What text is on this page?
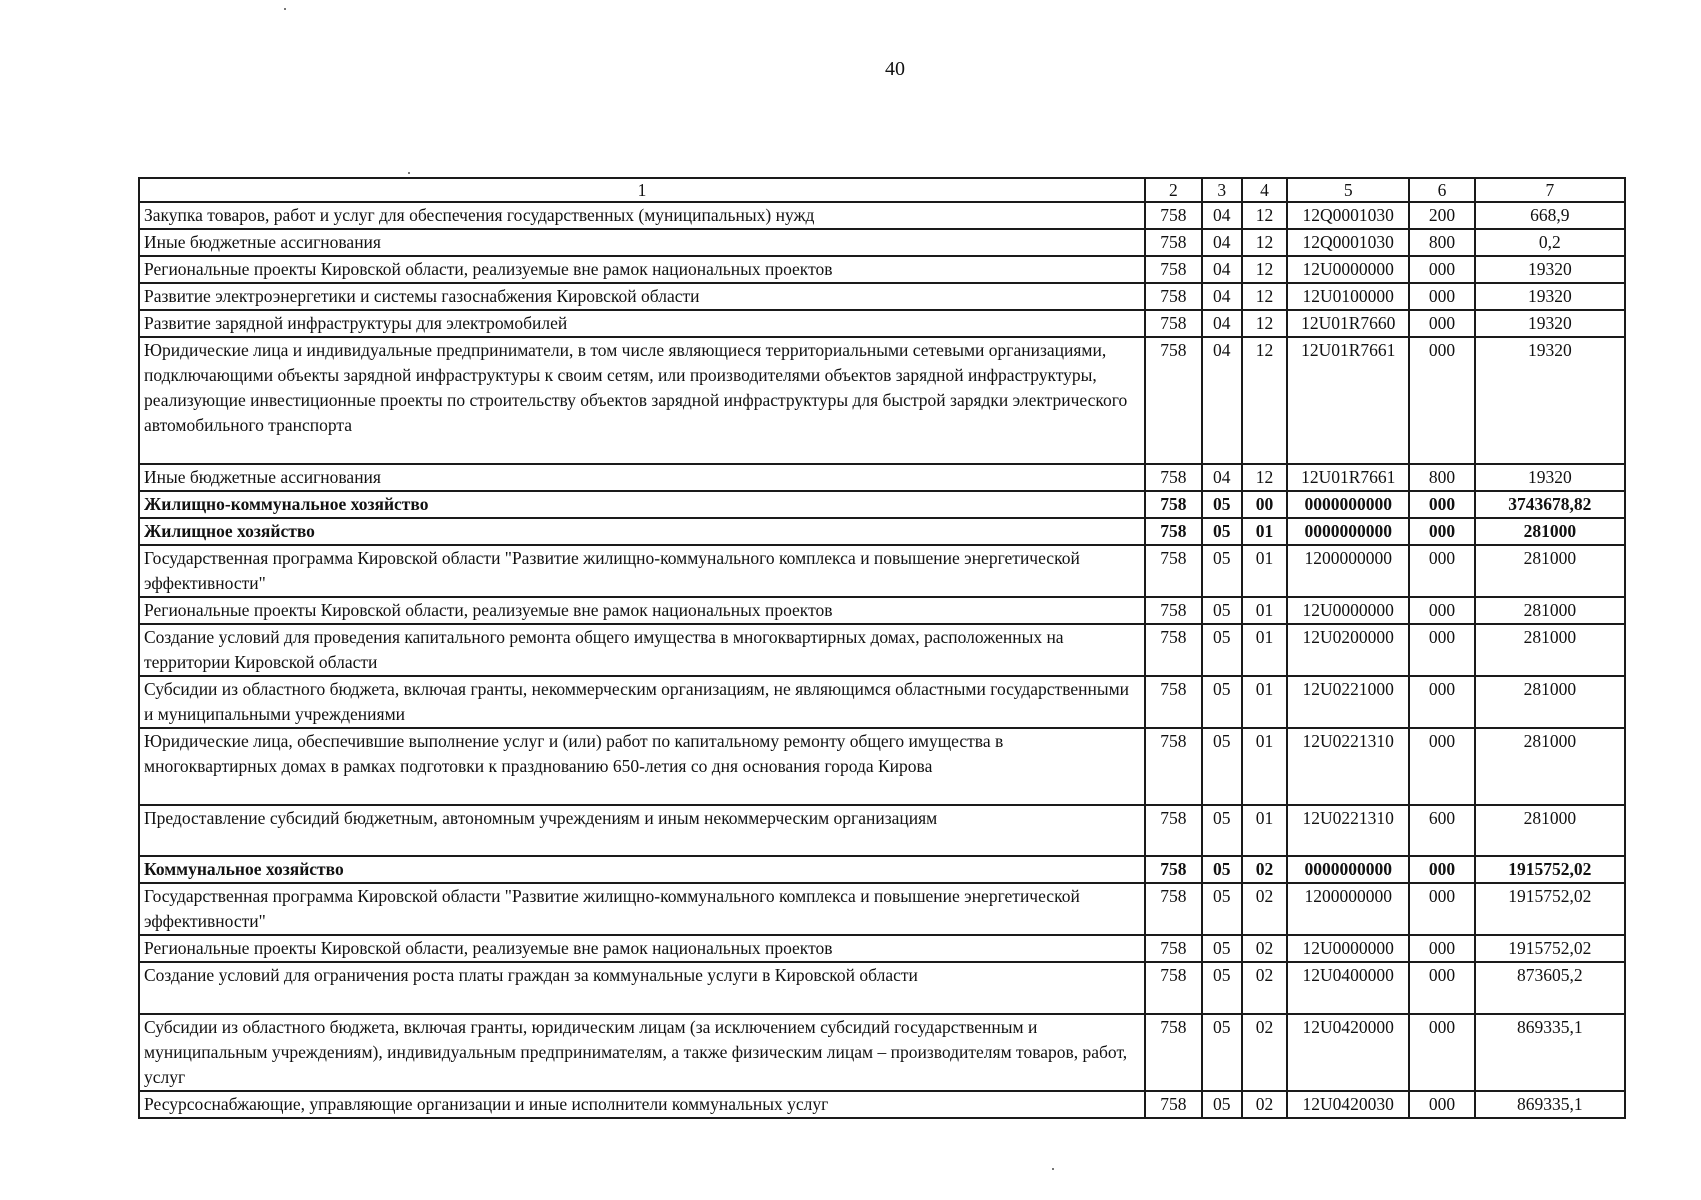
40
1	2	3	4	5	6	7
Закупка товаров, работ и услуг для обеспечения государственных (муниципальных) нужд	758	04	12	12Q0001030	200	668,9
Иные бюджетные ассигнования	758	04	12	12Q0001030	800	0,2
Региональные проекты Кировской области, реализуемые вне рамок национальных проектов	758	04	12	12U0000000	000	19320
Развитие электроэнергетики и системы газоснабжения Кировской области	758	04	12	12U0100000	000	19320
Развитие зарядной инфраструктуры для электромобилей	758	04	12	12U01R7660	000	19320
Юридические лица и индивидуальные предприниматели, в том числе являющиеся территориальными сетевыми организациями, подключающими объекты зарядной инфраструктуры к своим сетям, или производителями объектов зарядной инфраструктуры, реализующие инвестиционные проекты по строительству объектов зарядной инфраструктуры для быстрой зарядки электрического автомобильного транспорта	758	04	12	12U01R7661	000	19320
Иные бюджетные ассигнования	758	04	12	12U01R7661	800	19320
Жилищно-коммунальное хозяйство	758	05	00	0000000000	000	3743678,82
Жилищное хозяйство	758	05	01	0000000000	000	281000
Государственная программа Кировской области "Развитие жилищно-коммунального комплекса и повышение энергетической эффективности"	758	05	01	1200000000	000	281000
Региональные проекты Кировской области, реализуемые вне рамок национальных проектов	758	05	01	12U0000000	000	281000
Создание условий для проведения капитального ремонта общего имущества в многоквартирных домах, расположенных на территории Кировской области	758	05	01	12U0200000	000	281000
Субсидии из областного бюджета, включая гранты, некоммерческим организациям, не являющимся областными государственными и муниципальными учреждениями	758	05	01	12U0221000	000	281000
Юридические лица, обеспечившие выполнение услуг и (или) работ по капитальному ремонту общего имущества в многоквартирных домах в рамках подготовки к празднованию 650-летия со дня основания города Кирова	758	05	01	12U0221310	000	281000
Предоставление субсидий бюджетным, автономным учреждениям и иным некоммерческим организациям	758	05	01	12U0221310	600	281000
Коммунальное хозяйство	758	05	02	0000000000	000	1915752,02
Государственная программа Кировской области "Развитие жилищно-коммунального комплекса и повышение энергетической эффективности"	758	05	02	1200000000	000	1915752,02
Региональные проекты Кировской области, реализуемые вне рамок национальных проектов	758	05	02	12U0000000	000	1915752,02
Создание условий для ограничения роста платы граждан за коммунальные услуги в Кировской области	758	05	02	12U0400000	000	873605,2
Субсидии из областного бюджета, включая гранты, юридическим лицам (за исключением субсидий государственным и муниципальным учреждениям), индивидуальным предпринимателям, а также физическим лицам – производителям товаров, работ, услуг	758	05	02	12U0420000	000	869335,1
Ресурсоснабжающие, управляющие организации и иные исполнители коммунальных услуг	758	05	02	12U0420030	000	869335,1
